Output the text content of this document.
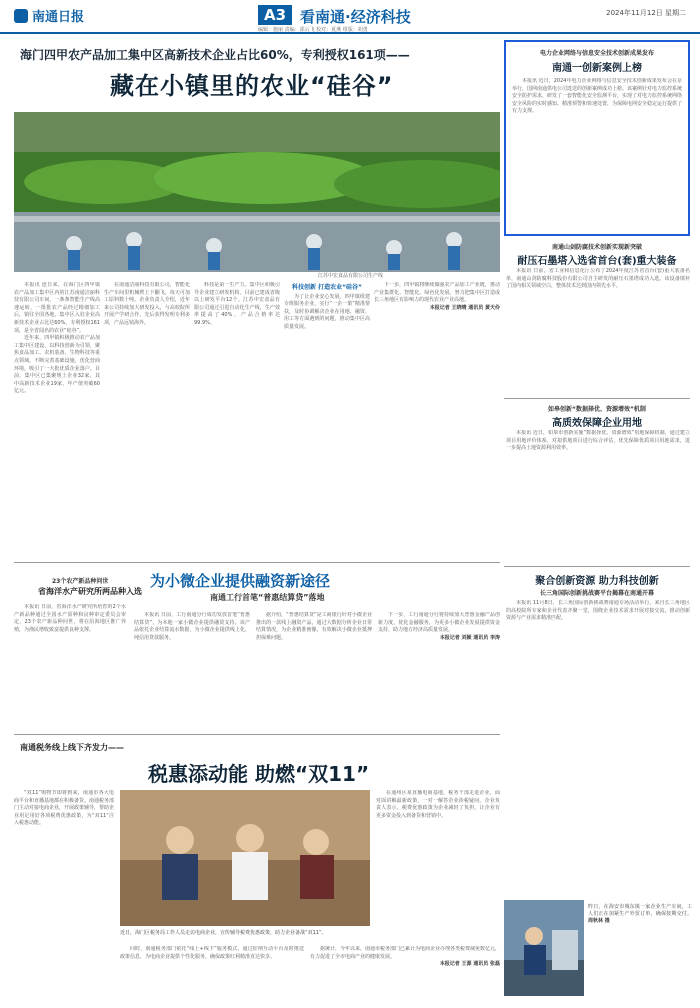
南通日报	A3 看南通·经济科技	2024年11月12日 星期二
编辑：施丽 责编：邵云飞 校对：夏燕 组版：胡勇
海门四甲农产品加工集中区高新技术企业占比60%，专利授权161项——
藏在小镇里的农业“硅谷”
江苏中宏食品有限公司生产线

本报讯 连日来，在海门区四甲镇农产品加工集中区内的江苏南通洁丽科技有限公司车间，一条条智能生产线高速运转，一批批农产品经过精细加工后，销往全国各地。集中区入驻企业高新技术企业占比达60%，专利授权161项，是全省闻名的农业“硅谷”。

近年来，四甲镇积极推动农产品加工集中区建设，以科技创新为引领，聚焦食品加工、农机装备、生物科技等重点领域，不断完善基础设施，优化营商环境，吸引了一大批优质企业落户。目前，集中区已集聚规上企业32家，其中高新技术企业19家，年产值突破60亿元。

在南通洁丽科技有限公司，智能化生产车间里机械臂上下翻飞，每天可加工原料数十吨。企业负责人介绍，近年来公司持续加大研发投入，与高校院所开展产学研合作，先后获得发明专利多项，产品远销海外。

科技是第一生产力。集中区积极引导企业建立研发机构，目前已建成省级以上研发平台12个。江苏中宏食品有限公司通过引进自动化生产线，生产效率提高了40%，产品合格率达99.9%。

科技创新 打造农业“硅谷”

为了让企业安心发展，四甲镇组建专班服务企业，实行“一企一策”精准帮扶，及时协调解决企业在用地、融资、用工等方面遇到的问题，推动集中区高质量发展。

下一步，四甲镇将继续做强农产品加工产业链，推动产业集群化、智能化、绿色化发展，努力把集中区打造成长三角地区有影响力的现代农业产业高地。

本报记者 王晓晴 通讯员 黄天伶

23个农产新品种问世
省海洋水产研究所两品种入选

本报讯 日前，省海洋水产研究所培育的2个水产新品种通过全国水产原种和良种审定委员会审定，23个农产新品种问世，将在沿海地区推广养殖，为渔民增收致富提供良种支撑。

为小微企业提供融资新途径
南通工行首笔“普惠结算贷”落地

本报讯 日前，工行南通分行成功发放首笔“普惠结算贷”，为本地一家小微企业提供融资支持。该产品依托企业结算流水数据，为小微企业提供线上化、纯信用贷款服务。

据介绍，“普惠结算贷”是工商银行针对小微企业推出的一款线上融资产品，通过大数据分析企业日常结算情况，为企业精准画像，有效解决小微企业抵押担保难问题。

下一步，工行南通分行将持续加大普惠金融产品创新力度，优化金融服务，为更多小微企业发展提供资金支持，助力地方经济高质量发展。

本报记者 刘颖 通讯员 李涛

南通税务线上线下齐发力——
税惠添动能 助燃“双11”

“双11”购物节即将到来，南通市各大电商平台和直播基地都在积极备货。南通税务部门主动对接电商企业，开展政策辅导，帮助企业用足用好各项税费优惠政策，为“双11”注入税惠动能。

近日，海门区税务局工作人员走访电商企业，宣传辅导税费优惠政策，助力企业备战“双11”。

在通州区某直播电商基地，税务干部走进企业，面对面讲解最新政策，一对一解答企业涉税疑问。企业负责人表示，税费优惠政策为企业减轻了负担，让企业有更多资金投入到备货和营销中。

同时，南通税务部门依托“线上+线下”服务模式，通过征纳互动平台及时推送政策信息，为电商企业提供个性化服务，确保政策红利精准直达快享。

据统计，今年以来，南通市税务部门已累计为电商企业办理各类税费减免数亿元，有力促进了全市电商产业的健康发展。

本报记者 王源 通讯员 张磊

电力企业网络与信息安全技术创新成果发布
南通一创新案例上榜

本报讯 近日，2024年电力企业网络与信息安全技术创新成果发布会在京举行，国网南通供电公司选送的创新案例成功上榜。该案例针对电力监控系统安全防护需求，研发了一套智能化安全监测平台，实现了对电力监控系统网络安全风险的实时感知、精准预警和快速处置，为保障电网安全稳定运行提供了有力支撑。

南通山剑防腐技术创新实现新突破
耐压石墨塔入选省首台(套)重大装备

本报讯 日前，省工业和信息化厅公布了2024年度江苏省首台(套)重大装备名单，南通山剑防腐科技股份有限公司自主研发的耐压石墨塔成功入选。该设备填补了国内相关领域空白，整体技术达到国内领先水平。

如皋创新“数据择优、资源增效”机制
高质效保障企业用地

本报讯 近日，如皋市创新实施“数据择优、资源增效”用地保障机制，通过建立项目用地评价体系，对拟供地项目进行综合评估，优先保障优质项目用地需求，进一步提高土地资源利用效率。

聚合创新资源 助力科技创新
长三角国际创新挑战赛平台揭幕在南通开幕

本报讯 11月8日，长三角国际创新挑战赛南通专场活动举行，来自长三角地区的高校院所专家和企业代表齐聚一堂，围绕企业技术需求开展对接交流，推动创新资源与产业需求精准匹配。

昨日，在海安市城东镇一家企业生产车间，工人们正在加紧生产外贸订单，确保按期交付。 周秋林 摄
